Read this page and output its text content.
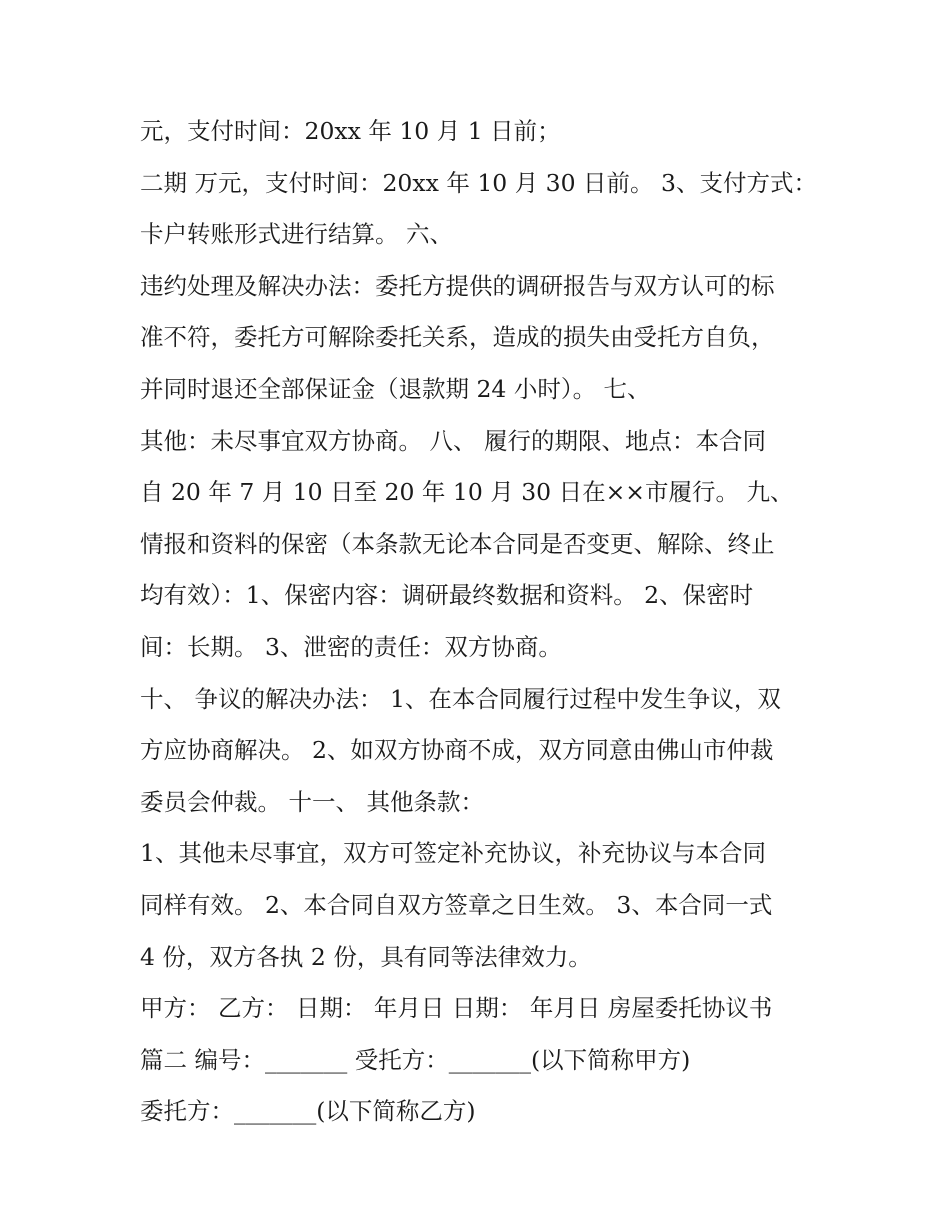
元，支付时间：20xx 年 10 月 1 日前；
二期 万元，支付时间：20xx 年 10 月 30 日前。 3、支付方式：
卡户转账形式进行结算。 六、
违约处理及解决办法：委托方提供的调研报告与双方认可的标
准不符，委托方可解除委托关系，造成的损失由受托方自负，
并同时退还全部保证金（退款期 24 小时）。 七、
其他：未尽事宜双方协商。 八、 履行的期限、地点：本合同
自 20 年 7 月 10 日至 20 年 10 月 30 日在××市履行。 九、
情报和资料的保密（本条款无论本合同是否变更、解除、终止
均有效）：1、保密内容：调研最终数据和资料。 2、保密时
间：长期。 3、泄密的责任：双方协商。
十、 争议的解决办法： 1、在本合同履行过程中发生争议，双
方应协商解决。 2、如双方协商不成，双方同意由佛山市仲裁
委员会仲裁。 十一、 其他条款：
1、其他未尽事宜，双方可签定补充协议，补充协议与本合同
同样有效。 2、本合同自双方签章之日生效。 3、本合同一式
4 份，双方各执 2 份，具有同等法律效力。
甲方： 乙方： 日期： 年月日 日期： 年月日 房屋委托协议书
篇二 编号：_______ 受托方：_______(以下简称甲方)
委托方：_______(以下简称乙方)
